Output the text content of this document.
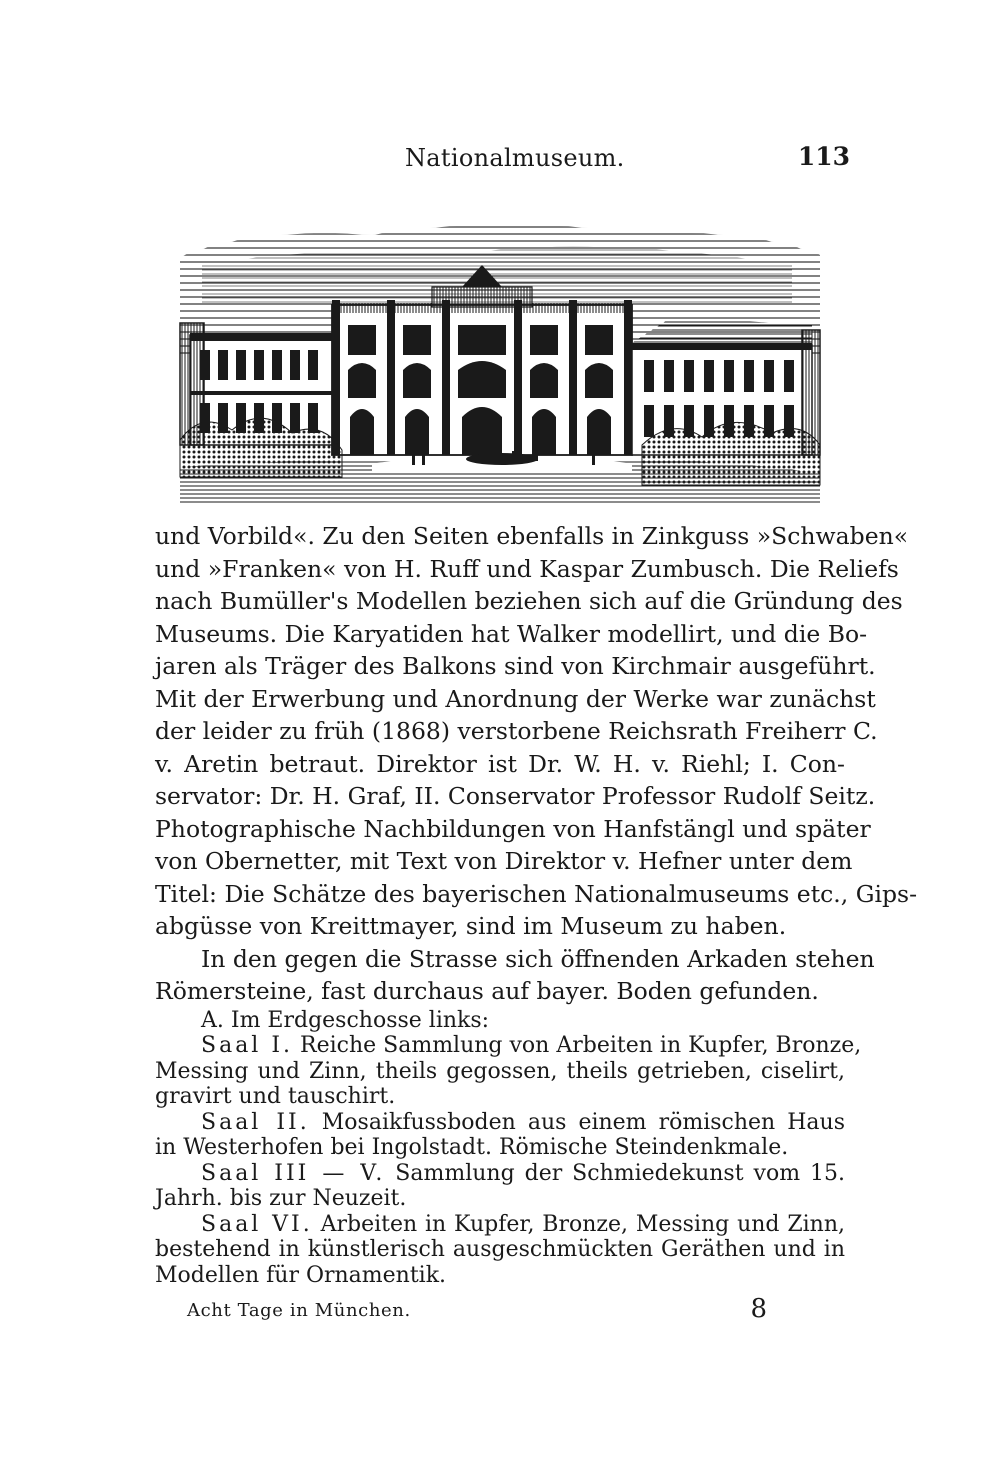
Nationalmuseum.	113
und Vorbild«. Zu den Seiten ebenfalls in Zinkguss »Schwaben«
und »Franken« von H. Ruff und Kaspar Zumbusch. Die Reliefs
nach Bumüller's Modellen beziehen sich auf die Gründung des
Museums. Die Karyatiden hat Walker modellirt, und die Bo-
jaren als Träger des Balkons sind von Kirchmair ausgeführt.
Mit der Erwerbung und Anordnung der Werke war zunächst
der leider zu früh (1868) verstorbene Reichsrath Freiherr C.
v. Aretin betraut. Direktor ist Dr. W. H. v. Riehl; I. Con-
servator: Dr. H. Graf, II. Conservator Professor Rudolf Seitz.
Photographische Nachbildungen von Hanfstängl und später
von Obernetter, mit Text von Direktor v. Hefner unter dem
Titel: Die Schätze des bayerischen Nationalmuseums etc., Gips-
abgüsse von Kreittmayer, sind im Museum zu haben.
In den gegen die Strasse sich öffnenden Arkaden stehen
Römersteine, fast durchaus auf bayer. Boden gefunden.
A. Im Erdgeschosse links:
Saal I. Reiche Sammlung von Arbeiten in Kupfer, Bronze,
Messing und Zinn, theils gegossen, theils getrieben, ciselirt,
gravirt und tauschirt.
Saal II. Mosaikfussboden aus einem römischen Haus
in Westerhofen bei Ingolstadt. Römische Steindenkmale.
Saal III — V. Sammlung der Schmiedekunst vom 15.
Jahrh. bis zur Neuzeit.
Saal VI. Arbeiten in Kupfer, Bronze, Messing und Zinn,
bestehend in künstlerisch ausgeschmückten Geräthen und in
Modellen für Ornamentik.
Acht Tage in München.	8
